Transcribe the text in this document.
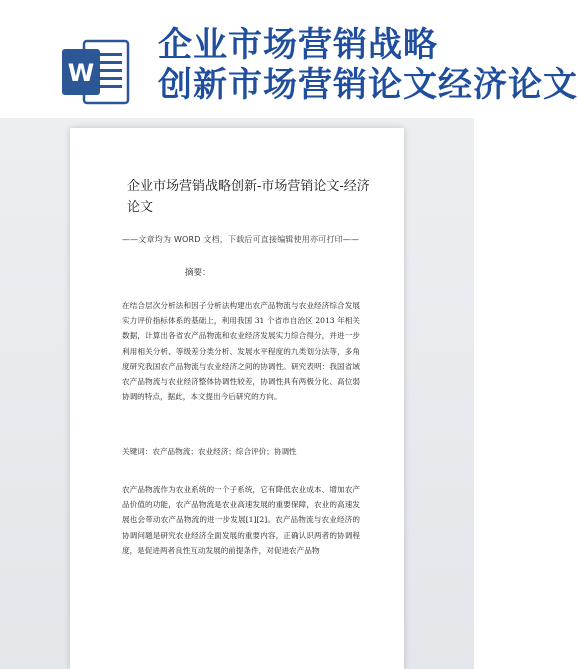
W
企业市场营销战略
创新市场营销论文经济论文
企业市场营销战略创新-市场营销论文-经济论文
——文章均为 WORD 文档，下载后可直接编辑使用亦可打印——
摘要：

在结合层次分析法和因子分析法构建出农产品物流与农业经济综合发展实力评价指标体系的基础上，利用我国 31 个省市自治区 2013 年相关数据，计算出各省农产品物流和农业经济发展实力综合得分，并进一步利用相关分析、等级差分类分析、发展水平程度的九类划分法等，多角度研究我国农产品物流与农业经济之间的协调性。研究表明：我国省域农产品物流与农业经济整体协调性较差，协调性具有两极分化、高位弱协调的特点，据此，本文提出今后研究的方向。

关键词：农产品物流；农业经济；综合评价；协调性

农产品物流作为农业系统的一个子系统，它有降低农业成本、增加农产品价值的功能，农产品物流是农业高速发展的重要保障，农业的高速发展也会带动农产品物流的进一步发展[1][2]。农产品物流与农业经济的协调问题是研究农业经济全面发展的重要内容，正确认识两者的协调程度，是促进两者良性互动发展的前提条件，对促进农产品物
